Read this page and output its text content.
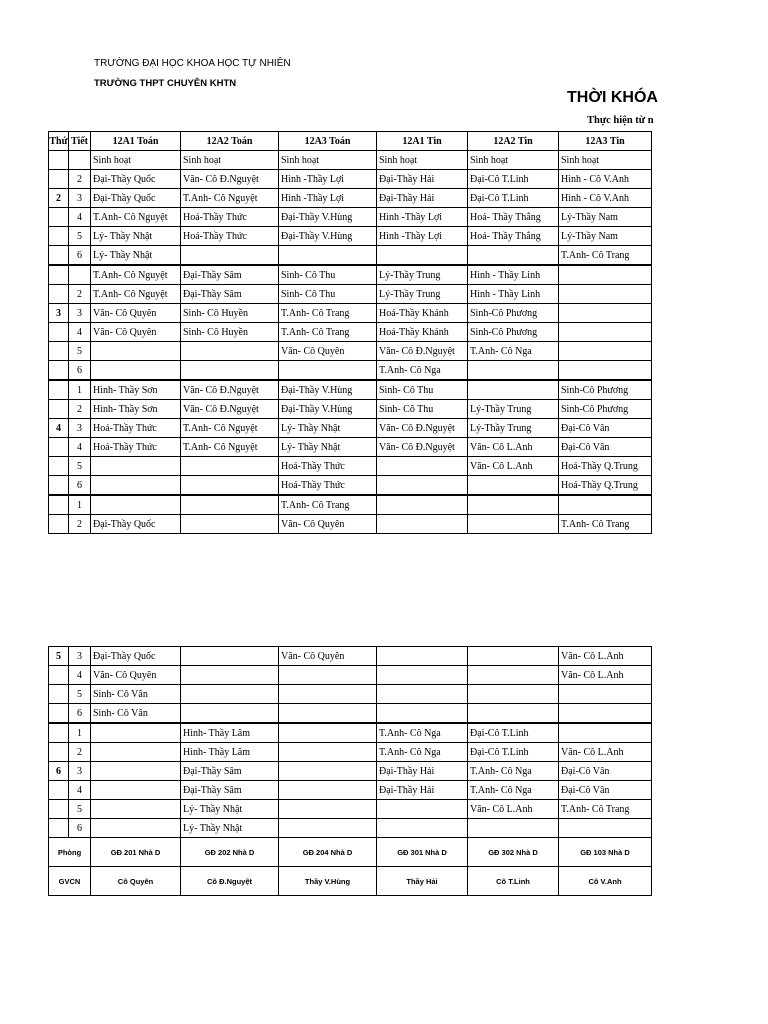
TRƯỜNG ĐẠI HỌC KHOA HỌC TỰ NHIÊN
TRƯỜNG THPT CHUYÊN KHTN
THỜI KHÓA
Thực hiện từ n
Thứ	Tiết	12A1 Toán	12A2 Toán	12A3 Toán	12A1 Tin	12A2 Tin	12A3 Tin
		Sinh hoạt	Sinh hoạt	Sinh hoạt	Sinh hoạt	Sinh hoạt	Sinh hoạt
	2	Đại-Thầy Quốc	Văn- Cô Đ.Nguyệt	Hình -Thầy Lợi	Đại-Thầy Hải	Đại-Cô T.Linh	Hình - Cô V.Anh
2	3	Đại-Thầy Quốc	T.Anh- Cô Nguyệt	Hình -Thầy Lợi	Đại-Thầy Hải	Đại-Cô T.Linh	Hình - Cô V.Anh
	4	T.Anh- Cô Nguyệt	Hoá-Thầy Thức	Đại-Thầy V.Hùng	Hình -Thầy Lợi	Hoá- Thầy Thắng	Lý-Thầy Nam
	5	Lý- Thầy Nhật	Hoá-Thầy Thức	Đại-Thầy V.Hùng	Hình -Thầy Lợi	Hoá- Thầy Thắng	Lý-Thầy Nam
	6	Lý- Thầy Nhật					T.Anh- Cô Trang
		T.Anh- Cô Nguyệt	Đại-Thầy Sâm	Sinh- Cô Thu	Lý-Thầy Trung	Hình - Thầy Linh	
	2	T.Anh- Cô Nguyệt	Đại-Thầy Sâm	Sinh- Cô Thu	Lý-Thầy Trung	Hình - Thầy Linh	
3	3	Văn- Cô Quyên	Sinh- Cô Huyền	T.Anh- Cô Trang	Hoá-Thầy Khánh	Sinh-Cô Phương	
	4	Văn- Cô Quyên	Sinh- Cô Huyền	T.Anh- Cô Trang	Hoá-Thầy Khánh	Sinh-Cô Phương	
	5			Văn- Cô Quyên	Văn- Cô Đ.Nguyệt	T.Anh- Cô Nga	
	6				T.Anh- Cô Nga		
	1	Hình- Thầy Sơn	Văn- Cô Đ.Nguyệt	Đại-Thầy V.Hùng	Sinh- Cô Thu		Sinh-Cô Phương
	2	Hình- Thầy Sơn	Văn- Cô Đ.Nguyệt	Đại-Thầy V.Hùng	Sinh- Cô Thu	Lý-Thầy Trung	Sinh-Cô Phương
4	3	Hoá-Thầy Thức	T.Anh- Cô Nguyệt	Lý- Thầy Nhật	Văn- Cô Đ.Nguyệt	Lý-Thầy Trung	Đại-Cô Vân
	4	Hoá-Thầy Thức	T.Anh- Cô Nguyệt	Lý- Thầy Nhật	Văn- Cô Đ.Nguyệt	Văn- Cô L.Anh	Đại-Cô Vân
	5			Hoá-Thầy Thức		Văn- Cô L.Anh	Hoá-Thầy Q.Trung
	6			Hoá-Thầy Thức			Hoá-Thầy Q.Trung
	1			T.Anh- Cô Trang			
	2	Đại-Thầy Quốc		Văn- Cô Quyên			T.Anh- Cô Trang
5	3	Đại-Thầy Quốc		Văn- Cô Quyên			Văn- Cô L.Anh
	4	Văn- Cô Quyên					Văn- Cô L.Anh
	5	Sinh- Cô Vân					
	6	Sinh- Cô Vân					
	1		Hình- Thầy Lâm		T.Anh- Cô Nga	Đại-Cô T.Linh	
	2		Hình- Thầy Lâm		T.Anh- Cô Nga	Đại-Cô T.Linh	Văn- Cô L.Anh
6	3		Đại-Thầy Sâm		Đại-Thầy Hải	T.Anh- Cô Nga	Đại-Cô Vân
	4		Đại-Thầy Sâm		Đại-Thầy Hải	T.Anh- Cô Nga	Đại-Cô Vân
	5		Lý- Thầy Nhật			Văn- Cô L.Anh	T.Anh- Cô Trang
	6		Lý- Thầy Nhật				
Phòng		GĐ 201 Nhà D	GĐ 202 Nhà D	GĐ 204 Nhà D	GĐ 301 Nhà D	GĐ 302 Nhà D	GĐ 103 Nhà D
GVCN		Cô Quyên	Cô Đ.Nguyệt	Thầy V.Hùng	Thầy Hải	Cô T.Linh	Cô V.Anh
